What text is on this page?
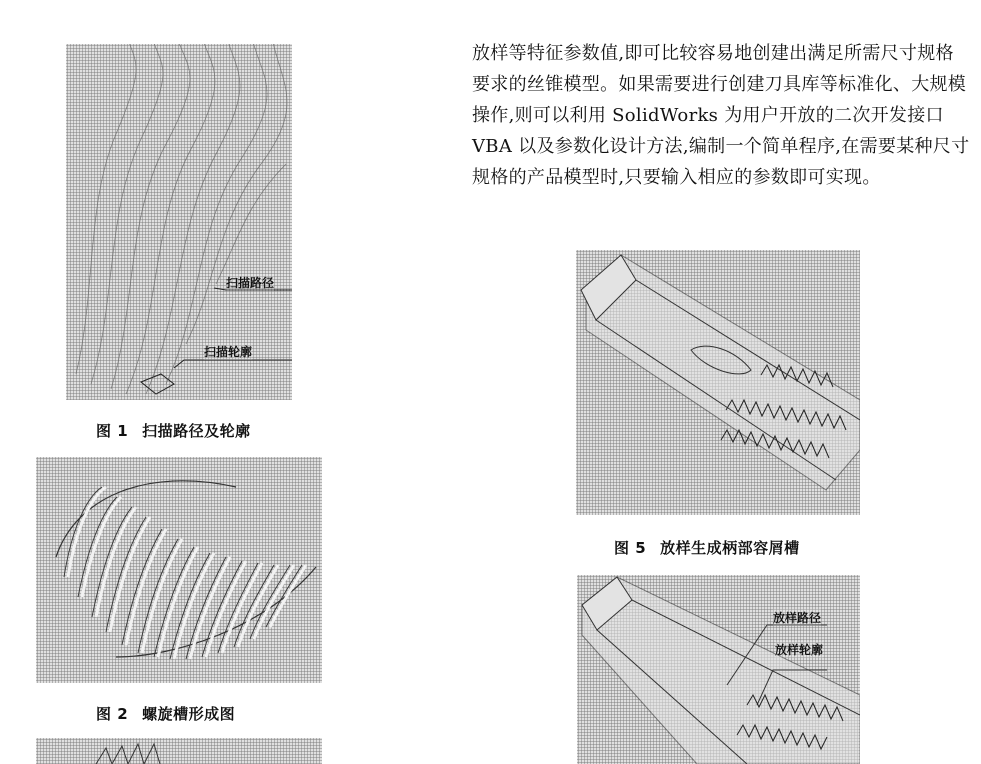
扫描路径
扫描轮廓
图 1 扫描路径及轮廓
图 2 螺旋槽形成图
放样等特征参数值,即可比较容易地创建出满足所需尺寸规格要求的丝锥模型。如果需要进行创建刀具库等标准化、大规模操作,则可以利用 SolidWorks 为用户开放的二次开发接口 VBA 以及参数化设计方法,编制一个简单程序,在需要某种尺寸规格的产品模型时,只要输入相应的参数即可实现。
图 5 放样生成柄部容屑槽
放样路径
放样轮廓
